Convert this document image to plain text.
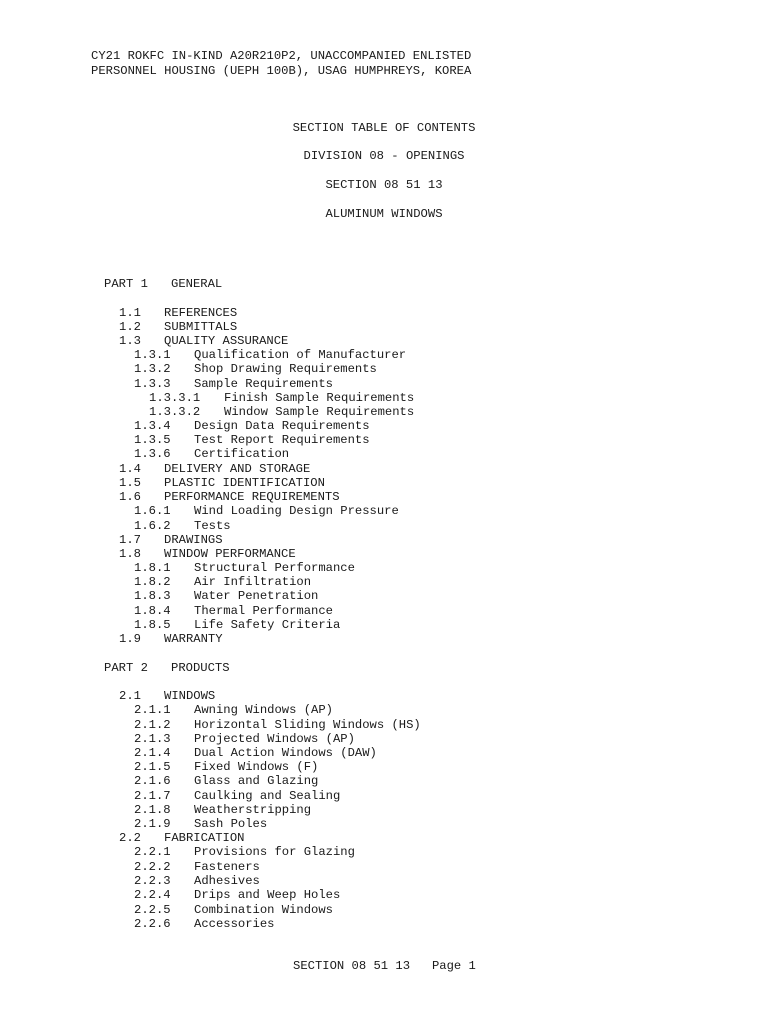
CY21 ROKFC IN-KIND A20R210P2, UNACCOMPANIED ENLISTED
PERSONNEL HOUSING (UEPH 100B), USAG HUMPHREYS, KOREA
SECTION TABLE OF CONTENTS
DIVISION 08 - OPENINGS
SECTION 08 51 13
ALUMINUM WINDOWS
PART 1 GENERAL
1.1 REFERENCES
1.2 SUBMITTALS
1.3 QUALITY ASSURANCE
1.3.1 Qualification of Manufacturer
1.3.2 Shop Drawing Requirements
1.3.3 Sample Requirements
1.3.3.1 Finish Sample Requirements
1.3.3.2 Window Sample Requirements
1.3.4 Design Data Requirements
1.3.5 Test Report Requirements
1.3.6 Certification
1.4 DELIVERY AND STORAGE
1.5 PLASTIC IDENTIFICATION
1.6 PERFORMANCE REQUIREMENTS
1.6.1 Wind Loading Design Pressure
1.6.2 Tests
1.7 DRAWINGS
1.8 WINDOW PERFORMANCE
1.8.1 Structural Performance
1.8.2 Air Infiltration
1.8.3 Water Penetration
1.8.4 Thermal Performance
1.8.5 Life Safety Criteria
1.9 WARRANTY
PART 2 PRODUCTS
2.1 WINDOWS
2.1.1 Awning Windows (AP)
2.1.2 Horizontal Sliding Windows (HS)
2.1.3 Projected Windows (AP)
2.1.4 Dual Action Windows (DAW)
2.1.5 Fixed Windows (F)
2.1.6 Glass and Glazing
2.1.7 Caulking and Sealing
2.1.8 Weatherstripping
2.1.9 Sash Poles
2.2 FABRICATION
2.2.1 Provisions for Glazing
2.2.2 Fasteners
2.2.3 Adhesives
2.2.4 Drips and Weep Holes
2.2.5 Combination Windows
2.2.6 Accessories
SECTION 08 51 13 Page 1
